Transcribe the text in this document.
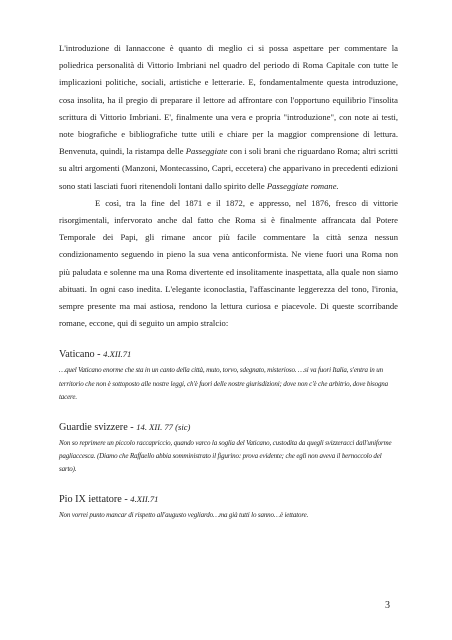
L'introduzione di Iannaccone è quanto di meglio ci si possa aspettare per commentare la poliedrica personalità di Vittorio Imbriani nel quadro del periodo di Roma Capitale con tutte le implicazioni politiche, sociali, artistiche e letterarie. E, fondamentalmente questa introduzione, cosa insolita, ha il pregio di preparare il lettore ad affrontare con l'opportuno equilibrio l'insolita scrittura di Vittorio Imbriani. E', finalmente una vera e propria "introduzione", con note ai testi, note biografiche e bibliografiche tutte utili e chiare per la maggior comprensione di lettura. Benvenuta, quindi, la ristampa delle Passeggiate con i soli brani che riguardano Roma; altri scritti su altri argomenti (Manzoni, Montecassino, Capri, eccetera) che apparivano in precedenti edizioni sono stati lasciati fuori ritenendoli lontani dallo spirito delle Passeggiate romane.

E così, tra la fine del 1871 e il 1872, e appresso, nel 1876, fresco di vittorie risorgimentali, infervorato anche dal fatto che Roma si è finalmente affrancata dal Potere Temporale dei Papi, gli rimane ancor più facile commentare la città senza nessun condizionamento seguendo in pieno la sua vena anticonformista. Ne viene fuori una Roma non più paludata e solenne ma una Roma divertente ed insolitamente inaspettata, alla quale non siamo abituati. In ogni caso inedita. L'elegante iconoclastia, l'affascinante leggerezza del tono, l'ironia, sempre presente ma mai astiosa, rendono la lettura curiosa e piacevole. Di queste scorribande romane, eccone, qui di seguito un ampio stralcio:

Vaticano - 4.XII.71

…quel Vaticano enorme che sta in un canto della città, muto, torvo, sdegnato, misterioso. …si va fuori Italia, s'entra in un territorio che non è sottoposto alle nostre leggi, ch'è fuori delle nostre giurisdizioni; dove non c'è che arbitrio, dove bisogna tacere.

Guardie svizzere - 14. XII. 77 (sic)

Non so reprimere un piccolo raccapriccio, quando varco la soglia del Vaticano, custodita da quegli svizzeracci dall'uniforme pagliaccesca. (Diamo che Raffaello abbia somministrato il figurino: prova evidente; che egli non aveva il bernoccolo del sarto).

Pio IX iettatore - 4.XII.71

Non vorrei punto mancar di rispetto all'augusto vegliardo…ma già tutti lo sanno…è iettatore.

3
